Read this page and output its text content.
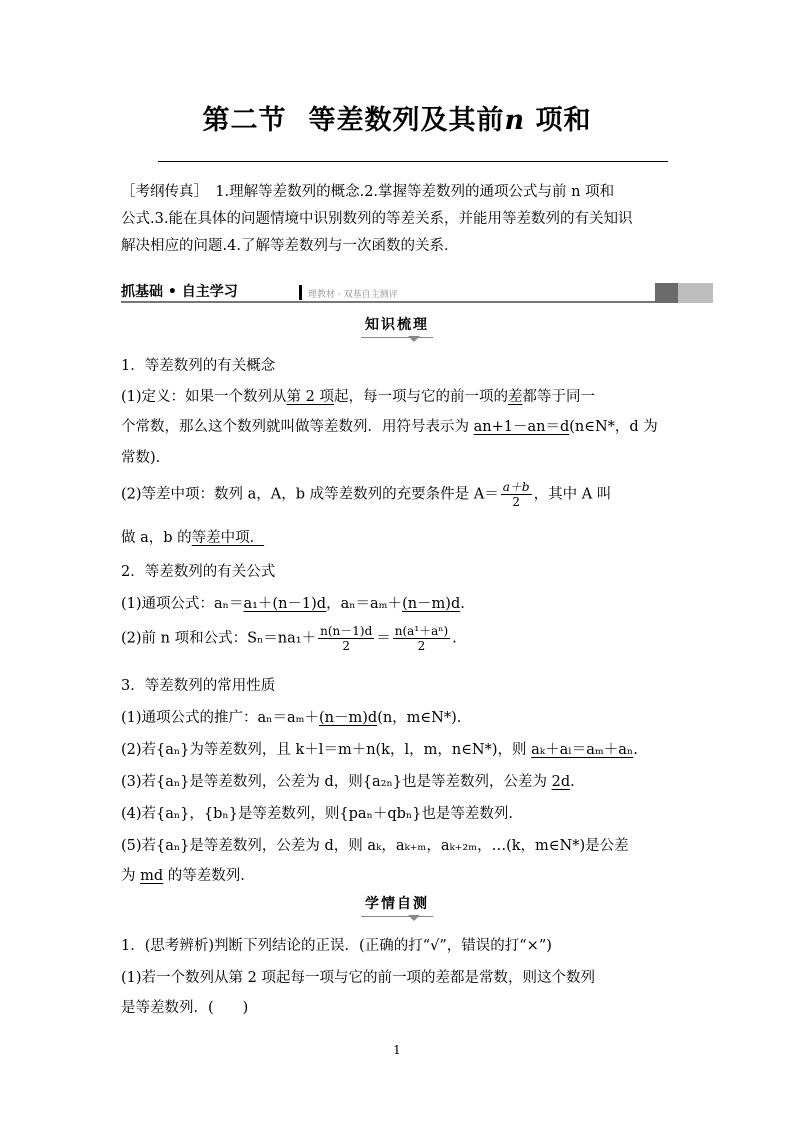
第二节 等差数列及其前n 项和
［考纲传真］　1.理解等差数列的概念.2.掌握等差数列的通项公式与前 n 项和
公式.3.能在具体的问题情境中识别数列的等差关系，并能用等差数列的有关知识
解决相应的问题.4.了解等差数列与一次函数的关系．
抓基础 • 自主学习	理教材 · 双基自主测评
知识梳理
1．等差数列的有关概念
(1)定义：如果一个数列从第 2 项起，每一项与它的前一项的差都等于同一
个常数，那么这个数列就叫做等差数列．用符号表示为 an+1－an＝d(n∈N*，d 为
常数).
(2)等差中项：数列 a，A，b 成等差数列的充要条件是 $A= \frac{a+b}{2}$ ，其中 A 叫
做 a，b 的等差中项．
2．等差数列的有关公式
(1)通项公式：aₙ＝a₁＋(n－1)d，aₙ＝aₘ＋(n－m)d.
(2)前 n 项和公式：$S_n=na_1+ \frac{n(n-1)d}{2} = \frac{\text{n(a¹＋aⁿ)}}{2}$ .
3．等差数列的常用性质
(1)通项公式的推广：aₙ＝aₘ＋(n－m)d(n，m∈N*).
(2)若{aₙ}为等差数列，且 k＋l＝m＋n(k，l，m，n∈N*)，则 aₖ＋aₗ＝aₘ＋aₙ.
(3)若{aₙ}是等差数列，公差为 d，则{a₂ₙ}也是等差数列，公差为 2d.
(4)若{aₙ}，{bₙ}是等差数列，则{paₙ＋qbₙ}也是等差数列.
(5)若{aₙ}是等差数列，公差为 d，则 aₖ，aₖ₊ₘ，aₖ₊₂ₘ，…(k，m∈N*)是公差
为 md 的等差数列.
学情自测
1．(思考辨析)判断下列结论的正误．(正确的打“√”，错误的打“×”)
(1)若一个数列从第 2 项起每一项与它的前一项的差都是常数，则这个数列
是等差数列．(　　)
1
